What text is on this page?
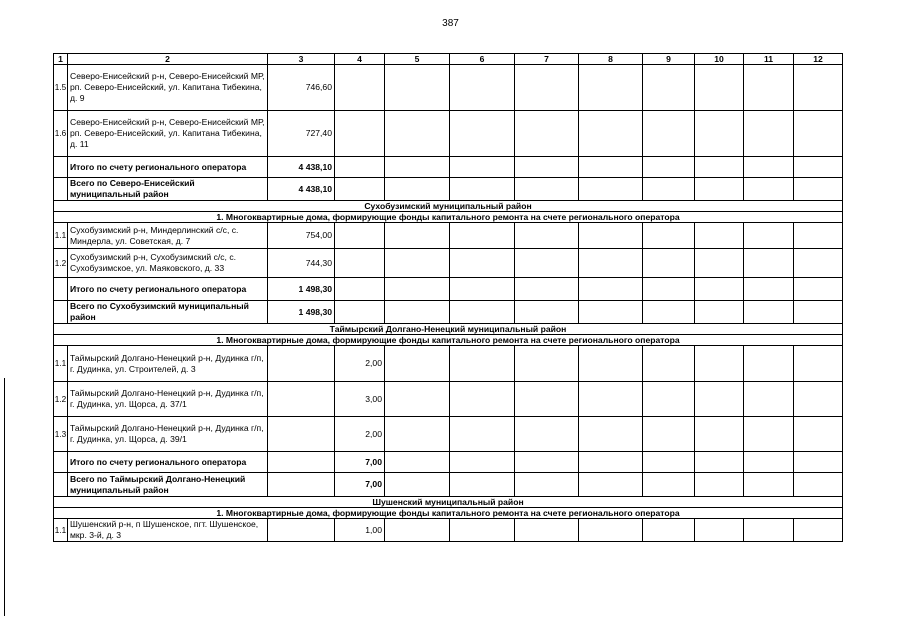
387
1	2	3	4	5	6	7	8	9	10	11	12
1.5	Северо-Енисейский р-н, Северо-Енисейский МР, рп. Северо-Енисейский, ул. Капитана Тибекина, д. 9	746,60									
1.6	Северо-Енисейский р-н, Северо-Енисейский МР, рп. Северо-Енисейский, ул. Капитана Тибекина, д. 11	727,40									
	Итого по счету регионального оператора	4 438,10									
	Всего по Северо-Енисейский муниципальный район	4 438,10									
Сухобузимский муниципальный район											
1. Многоквартирные дома, формирующие фонды капитального ремонта на счете регионального оператора											
1.1	Сухобузимский р-н, Миндерлинский с/с, с. Миндерла, ул. Советская, д. 7	754,00									
1.2	Сухобузимский р-н, Сухобузимский с/с, с. Сухобузимское, ул. Маяковского, д. 33	744,30									
	Итого по счету регионального оператора	1 498,30									
	Всего по Сухобузимский муниципальный район	1 498,30									
Таймырский Долгано-Ненецкий муниципальный район											
1. Многоквартирные дома, формирующие фонды капитального ремонта на счете регионального оператора											
1.1	Таймырский Долгано-Ненецкий р-н, Дудинка г/п, г. Дудинка, ул. Строителей, д. 3		2,00								
1.2	Таймырский Долгано-Ненецкий р-н, Дудинка г/п, г. Дудинка, ул. Щорса, д. 37/1		3,00								
1.3	Таймырский Долгано-Ненецкий р-н, Дудинка г/п, г. Дудинка, ул. Щорса, д. 39/1		2,00								
	Итого по счету регионального оператора		7,00								
	Всего по Таймырский Долгано-Ненецкий муниципальный район		7,00								
Шушенский муниципальный район											
1. Многоквартирные дома, формирующие фонды капитального ремонта на счете регионального оператора											
1.1	Шушенский р-н, п Шушенское, пгт. Шушенское, мкр. 3-й, д. 3		1,00								
